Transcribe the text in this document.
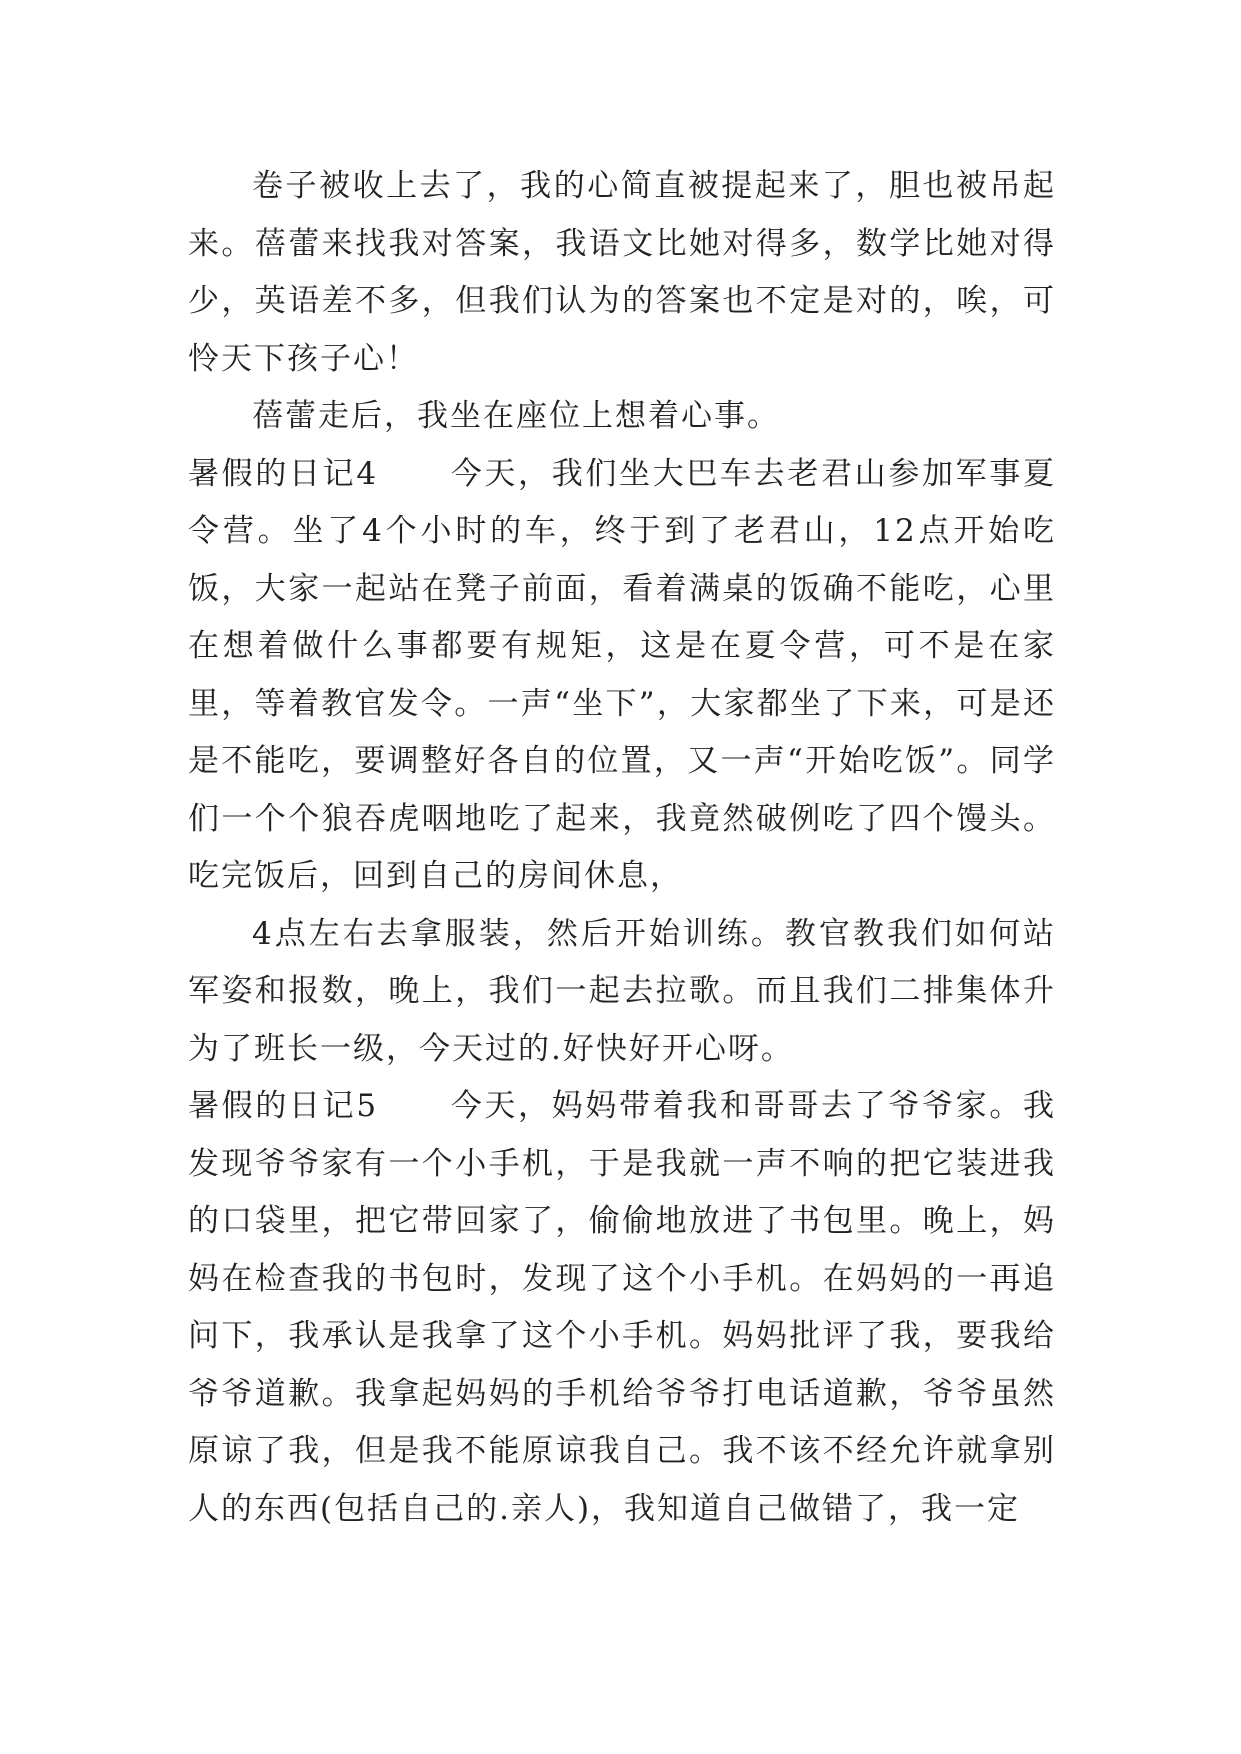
卷子被收上去了，我的心简直被提起来了，胆也被吊起来。蓓蕾来找我对答案，我语文比她对得多，数学比她对得少，英语差不多，但我们认为的答案也不定是对的，唉，可怜天下孩子心！

蓓蕾走后，我坐在座位上想着心事。

暑假的日记4 今天，我们坐大巴车去老君山参加军事夏令营。坐了4个小时的车，终于到了老君山，12点开始吃饭，大家一起站在凳子前面，看着满桌的饭确不能吃，心里在想着做什么事都要有规矩，这是在夏令营，可不是在家里，等着教官发令。一声“坐下”，大家都坐了下来，可是还是不能吃，要调整好各自的位置，又一声“开始吃饭”。同学们一个个狼吞虎咽地吃了起来，我竟然破例吃了四个馒头。吃完饭后，回到自己的房间休息，

4点左右去拿服装，然后开始训练。教官教我们如何站军姿和报数，晚上，我们一起去拉歌。而且我们二排集体升为了班长一级，今天过的.好快好开心呀。

暑假的日记5 今天，妈妈带着我和哥哥去了爷爷家。我发现爷爷家有一个小手机，于是我就一声不响的把它装进我的口袋里，把它带回家了，偷偷地放进了书包里。晚上，妈妈在检查我的书包时，发现了这个小手机。在妈妈的一再追问下，我承认是我拿了这个小手机。妈妈批评了我，要我给爷爷道歉。我拿起妈妈的手机给爷爷打电话道歉，爷爷虽然原谅了我，但是我不能原谅我自己。我不该不经允许就拿别人的东西(包括自己的.亲人)，我知道自己做错了，我一定
